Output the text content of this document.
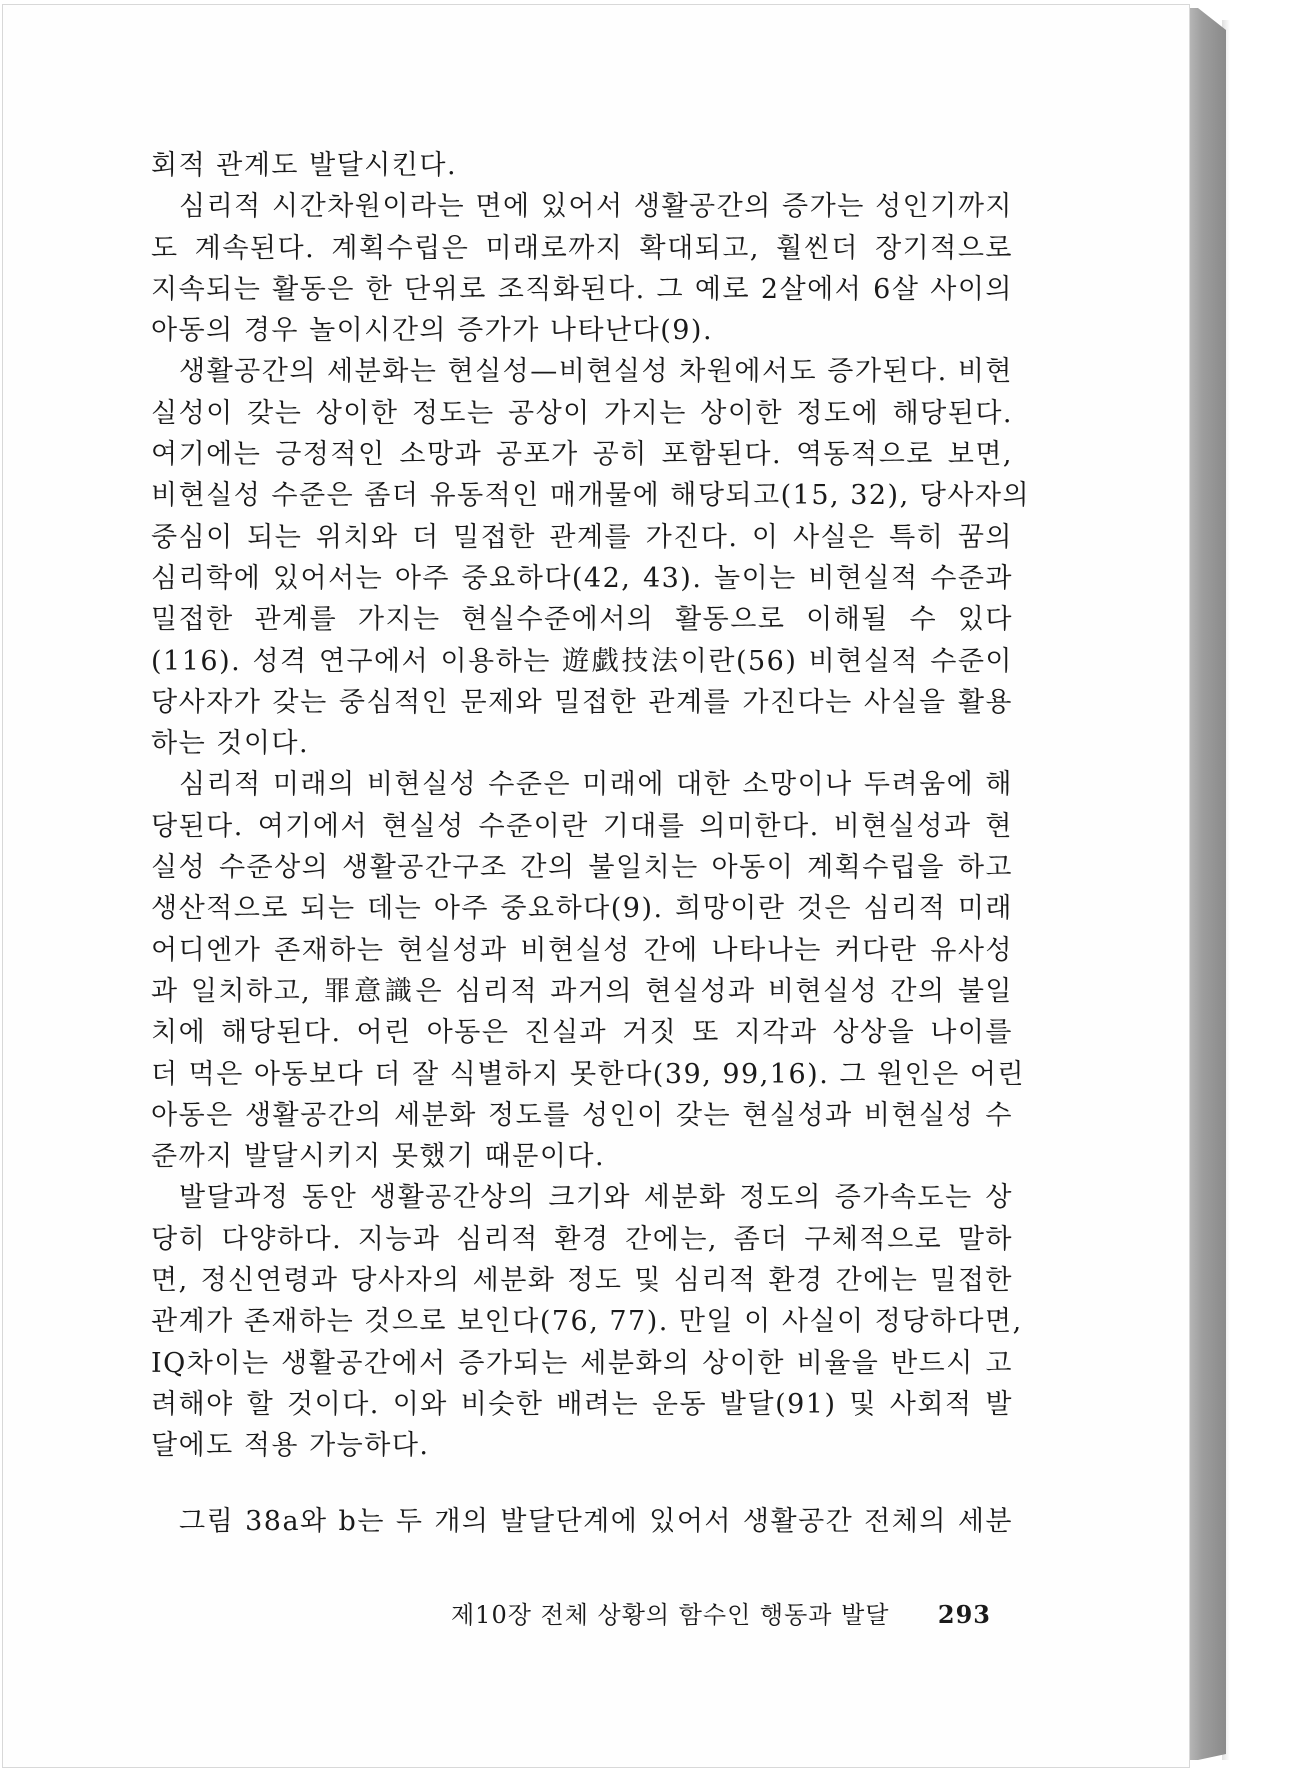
회적 관계도 발달시킨다.
심리적 시간차원이라는 면에 있어서 생활공간의 증가는 성인기까지
도 계속된다. 계획수립은 미래로까지 확대되고, 훨씬더 장기적으로
지속되는 활동은 한 단위로 조직화된다. 그 예로 2살에서 6살 사이의
아동의 경우 놀이시간의 증가가 나타난다(9).
생활공간의 세분화는 현실성—비현실성 차원에서도 증가된다. 비현
실성이 갖는 상이한 정도는 공상이 가지는 상이한 정도에 해당된다.
여기에는 긍정적인 소망과 공포가 공히 포함된다. 역동적으로 보면,
비현실성 수준은 좀더 유동적인 매개물에 해당되고(15, 32), 당사자의
중심이 되는 위치와 더 밀접한 관계를 가진다. 이 사실은 특히 꿈의
심리학에 있어서는 아주 중요하다(42, 43). 놀이는 비현실적 수준과
밀접한 관계를 가지는 현실수준에서의 활동으로 이해될 수 있다
(116). 성격 연구에서 이용하는 遊戯技法이란(56) 비현실적 수준이
당사자가 갖는 중심적인 문제와 밀접한 관계를 가진다는 사실을 활용
하는 것이다.
심리적 미래의 비현실성 수준은 미래에 대한 소망이나 두려움에 해
당된다. 여기에서 현실성 수준이란 기대를 의미한다. 비현실성과 현
실성 수준상의 생활공간구조 간의 불일치는 아동이 계획수립을 하고
생산적으로 되는 데는 아주 중요하다(9). 희망이란 것은 심리적 미래
어디엔가 존재하는 현실성과 비현실성 간에 나타나는 커다란 유사성
과 일치하고, 罪意識은 심리적 과거의 현실성과 비현실성 간의 불일
치에 해당된다. 어린 아동은 진실과 거짓 또 지각과 상상을 나이를
더 먹은 아동보다 더 잘 식별하지 못한다(39, 99,16). 그 원인은 어린
아동은 생활공간의 세분화 정도를 성인이 갖는 현실성과 비현실성 수
준까지 발달시키지 못했기 때문이다.
발달과정 동안 생활공간상의 크기와 세분화 정도의 증가속도는 상
당히 다양하다. 지능과 심리적 환경 간에는, 좀더 구체적으로 말하
면, 정신연령과 당사자의 세분화 정도 및 심리적 환경 간에는 밀접한
관계가 존재하는 것으로 보인다(76, 77). 만일 이 사실이 정당하다면,
IQ차이는 생활공간에서 증가되는 세분화의 상이한 비율을 반드시 고
려해야 할 것이다. 이와 비슷한 배려는 운동 발달(91) 및 사회적 발
달에도 적용 가능하다.
그림 38a와 b는 두 개의 발달단계에 있어서 생활공간 전체의 세분
제10장 전체 상황의 함수인 행동과 발달 293
